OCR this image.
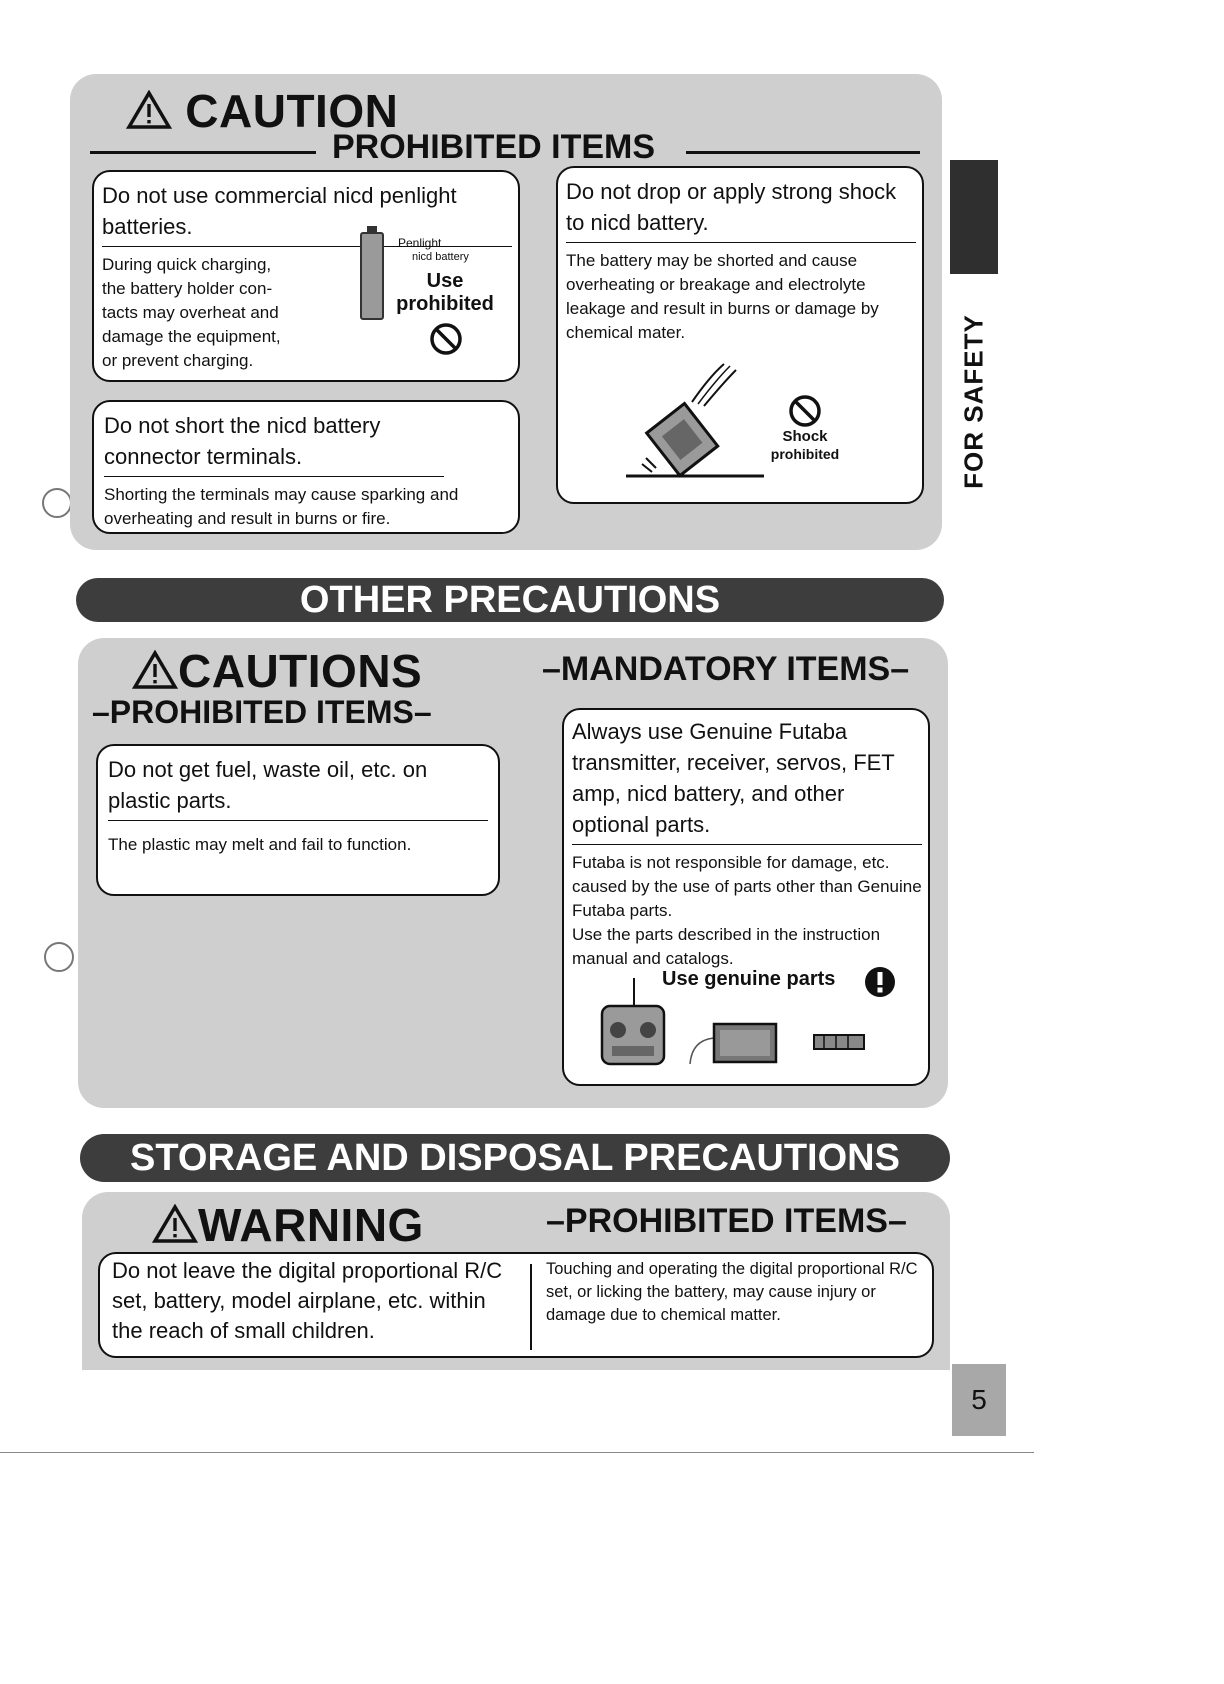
FOR SAFETY
CAUTION
PROHIBITED ITEMS
Do not use commercial nicd penlight batteries.

During quick charging,

the battery holder con-

tacts may overheat and

damage the equipment,

or prevent charging.

Penlight
nicd battery
Use
prohibited
Do not short the nicd battery connector terminals.
Shorting the terminals may cause sparking and overheating and result in burns or fire.
Do not drop or apply strong shock to nicd battery.
The battery may be shorted and cause overheating or breakage and electrolyte leakage and result in burns or damage by chemical mater.
Shock
prohibited
OTHER PRECAUTIONS
CAUTIONS
–PROHIBITED ITEMS–
–MANDATORY ITEMS–
Do not get fuel, waste oil, etc. on plastic parts.
The plastic may melt and fail to function.
Always use Genuine Futaba transmitter, receiver, servos, FET amp, nicd battery, and other optional parts.

Futaba is not responsible for damage, etc. caused by the use of parts other than Genuine Futaba parts.

Use the parts described in the instruction manual and catalogs.

Use genuine parts
STORAGE AND DISPOSAL PRECAUTIONS
WARNING	–PROHIBITED ITEMS–
Do not leave the digital proportional R/C set, battery, model airplane, etc. within the reach of small children.
Touching and operating the digital proportional R/C set, or licking the battery, may cause injury or damage due to chemical matter.
5
